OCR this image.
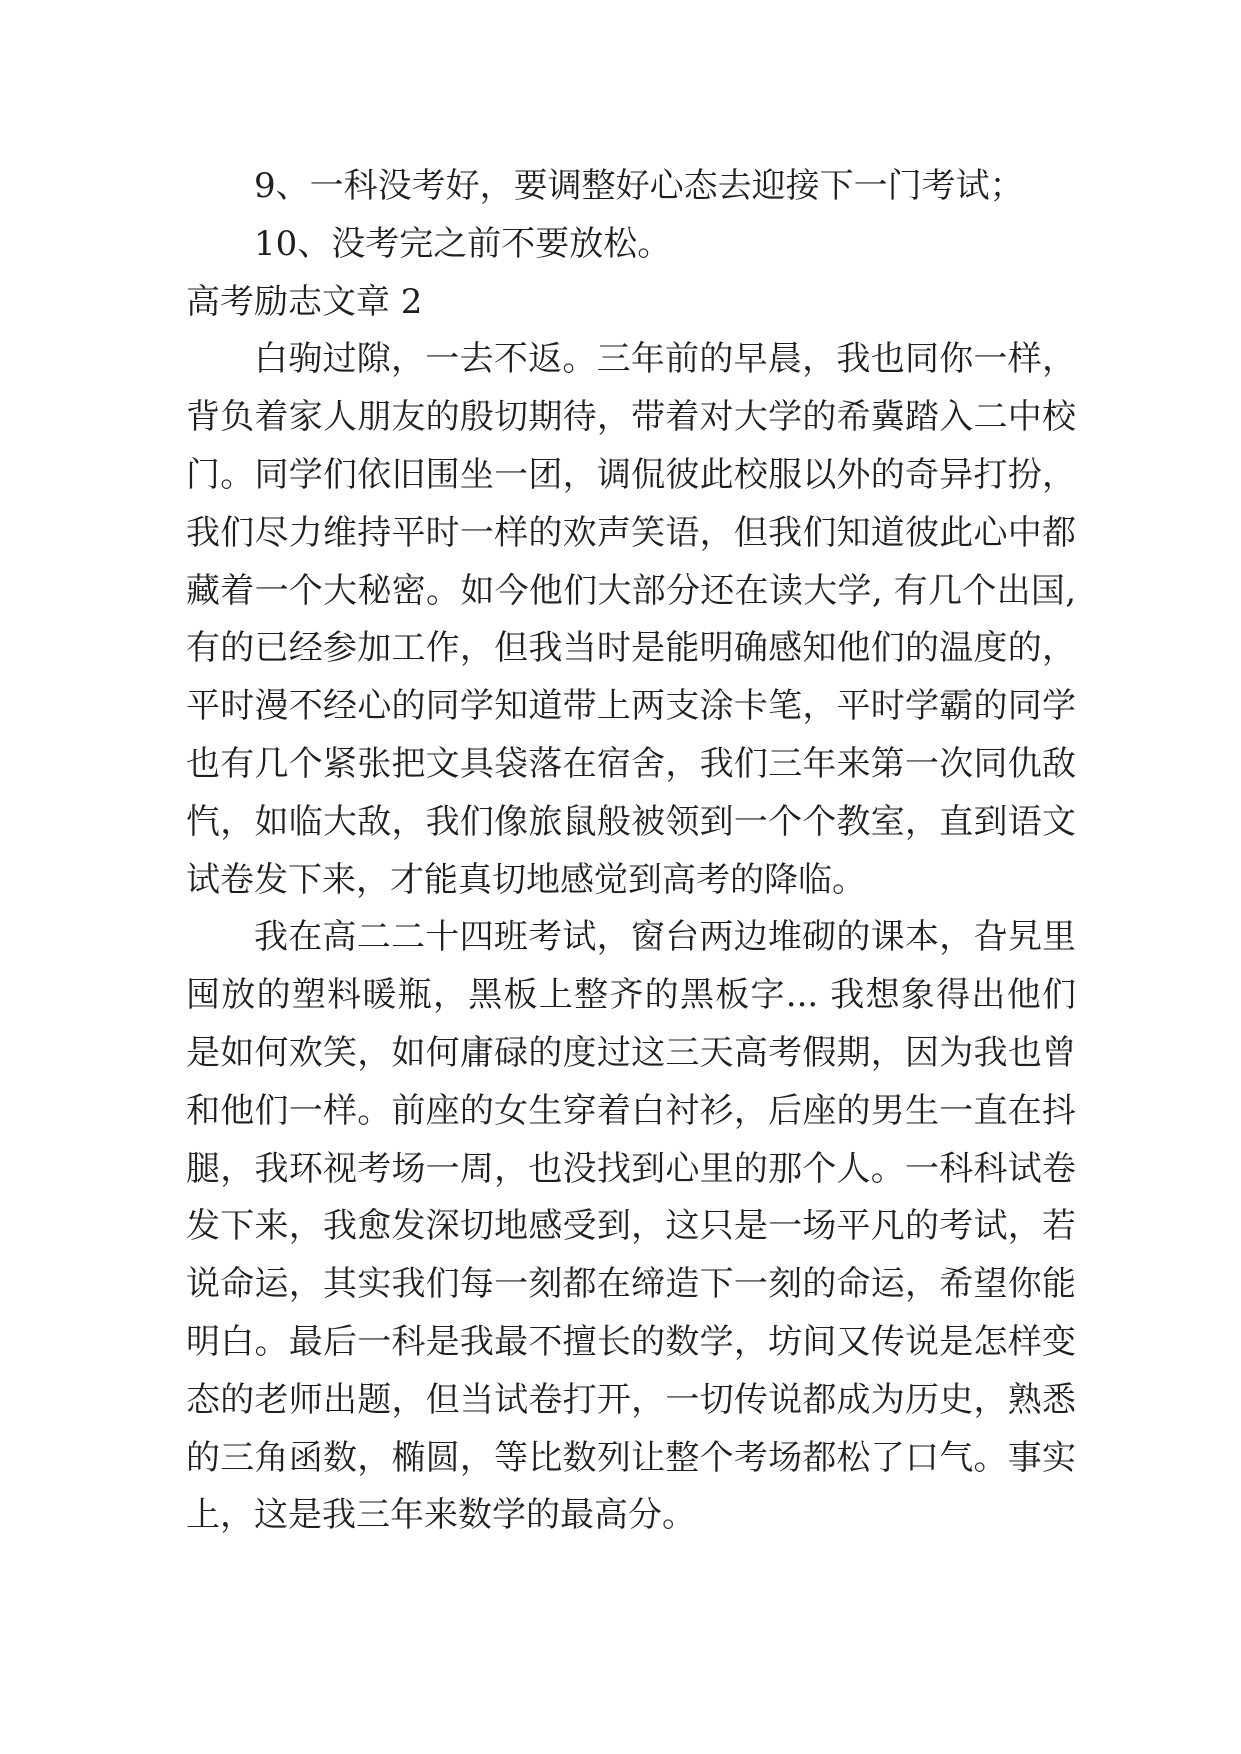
9、一科没考好，要调整好心态去迎接下一门考试；

10、没考完之前不要放松。

高考励志文章 2

白驹过隙，一去不返。三年前的早晨，我也同你一样，背负着家人朋友的殷切期待，带着对大学的希冀踏入二中校门。同学们依旧围坐一团，调侃彼此校服以外的奇异打扮，我们尽力维持平时一样的欢声笑语，但我们知道彼此心中都藏着一个大秘密。如今他们大部分还在读大学, 有几个出国, 有的已经参加工作，但我当时是能明确感知他们的温度的，平时漫不经心的同学知道带上两支涂卡笔，平时学霸的同学也有几个紧张把文具袋落在宿舍，我们三年来第一次同仇敌忾，如临大敌，我们像旅鼠般被领到一个个教室，直到语文试卷发下来，才能真切地感觉到高考的降临。

我在高二二十四班考试，窗台两边堆砌的课本，旮旯里囤放的塑料暖瓶，黑板上整齐的黑板字... 我想象得出他们是如何欢笑，如何庸碌的度过这三天高考假期，因为我也曾和他们一样。前座的女生穿着白衬衫，后座的男生一直在抖腿，我环视考场一周，也没找到心里的那个人。一科科试卷发下来，我愈发深切地感受到，这只是一场平凡的考试，若说命运，其实我们每一刻都在缔造下一刻的命运，希望你能明白。最后一科是我最不擅长的数学，坊间又传说是怎样变态的老师出题，但当试卷打开，一切传说都成为历史，熟悉的三角函数，椭圆，等比数列让整个考场都松了口气。事实上，这是我三年来数学的最高分。
